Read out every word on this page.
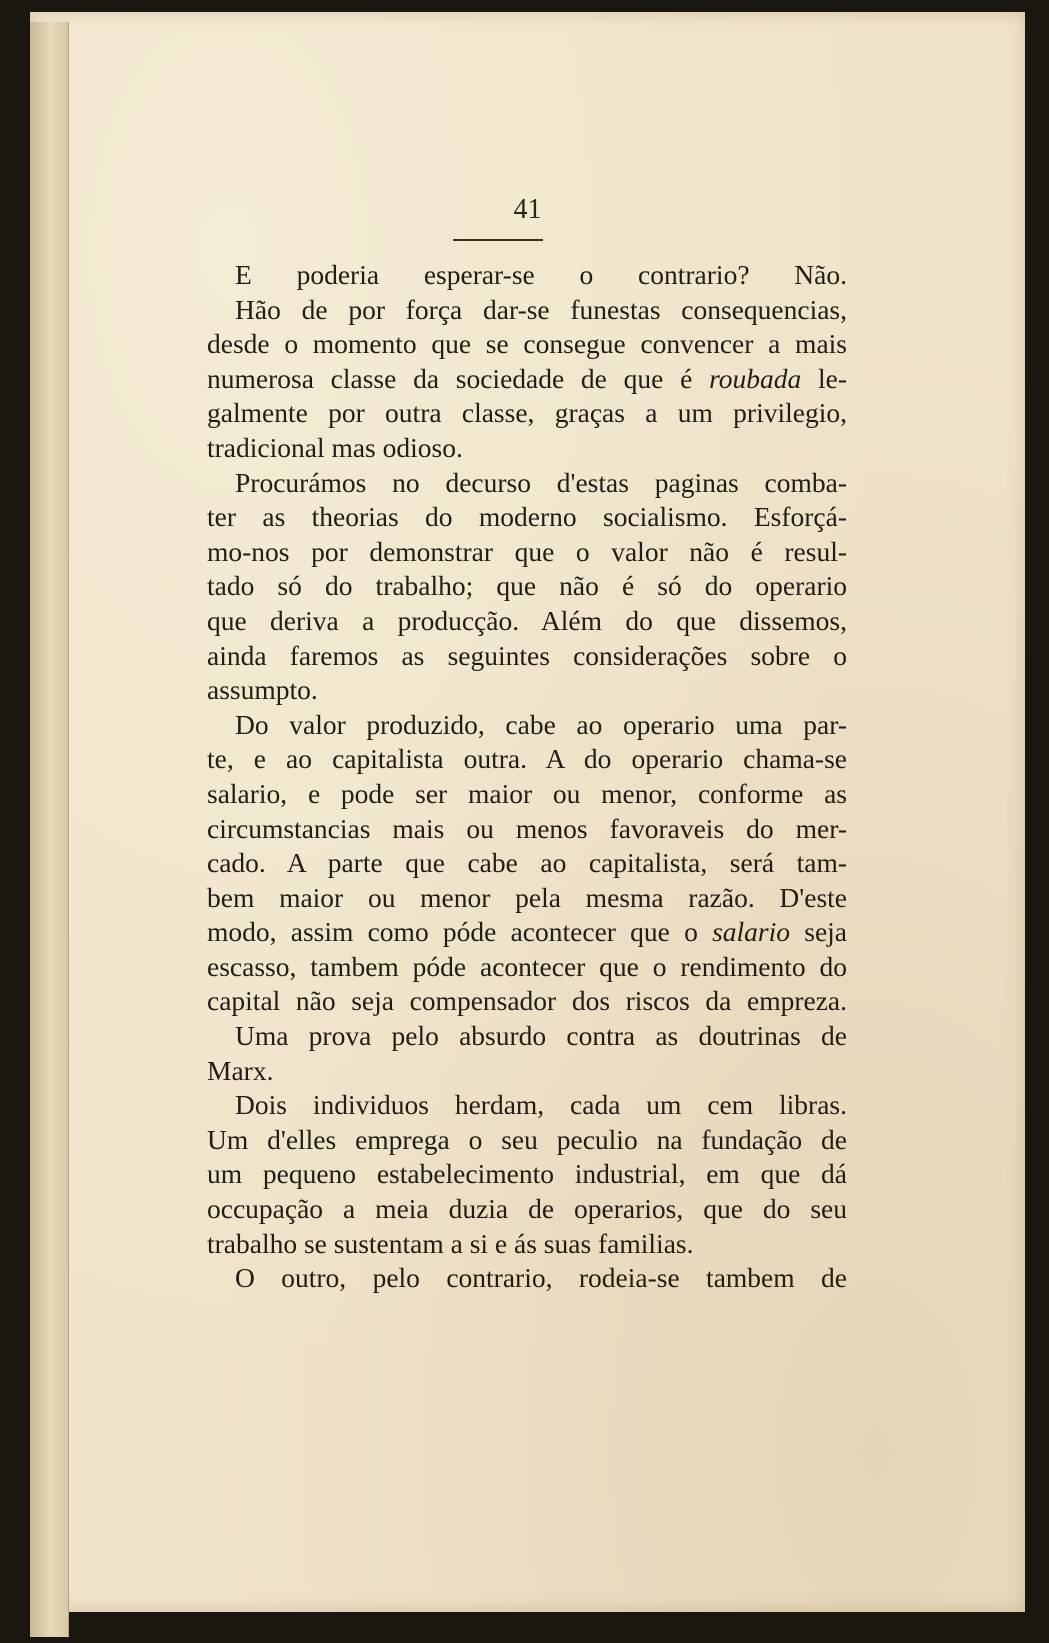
41
E poderia esperar-se o contrario? Não.
Hão de por força dar-se funestas consequencias,
desde o momento que se consegue convencer a mais
numerosa classe da sociedade de que é roubada le-
galmente por outra classe, graças a um privilegio,
tradicional mas odioso.
Procurámos no decurso d'estas paginas comba-
ter as theorias do moderno socialismo. Esforçá-
mo-nos por demonstrar que o valor não é resul-
tado só do trabalho; que não é só do operario
que deriva a producção. Além do que dissemos,
ainda faremos as seguintes considerações sobre o
assumpto.
Do valor produzido, cabe ao operario uma par-
te, e ao capitalista outra. A do operario chama-se
salario, e pode ser maior ou menor, conforme as
circumstancias mais ou menos favoraveis do mer-
cado. A parte que cabe ao capitalista, será tam-
bem maior ou menor pela mesma razão. D'este
modo, assim como póde acontecer que o salario seja
escasso, tambem póde acontecer que o rendimento do
capital não seja compensador dos riscos da empreza.
Uma prova pelo absurdo contra as doutrinas de
Marx.
Dois individuos herdam, cada um cem libras.
Um d'elles emprega o seu peculio na fundação de
um pequeno estabelecimento industrial, em que dá
occupação a meia duzia de operarios, que do seu
trabalho se sustentam a si e ás suas familias.
O outro, pelo contrario, rodeia-se tambem de
